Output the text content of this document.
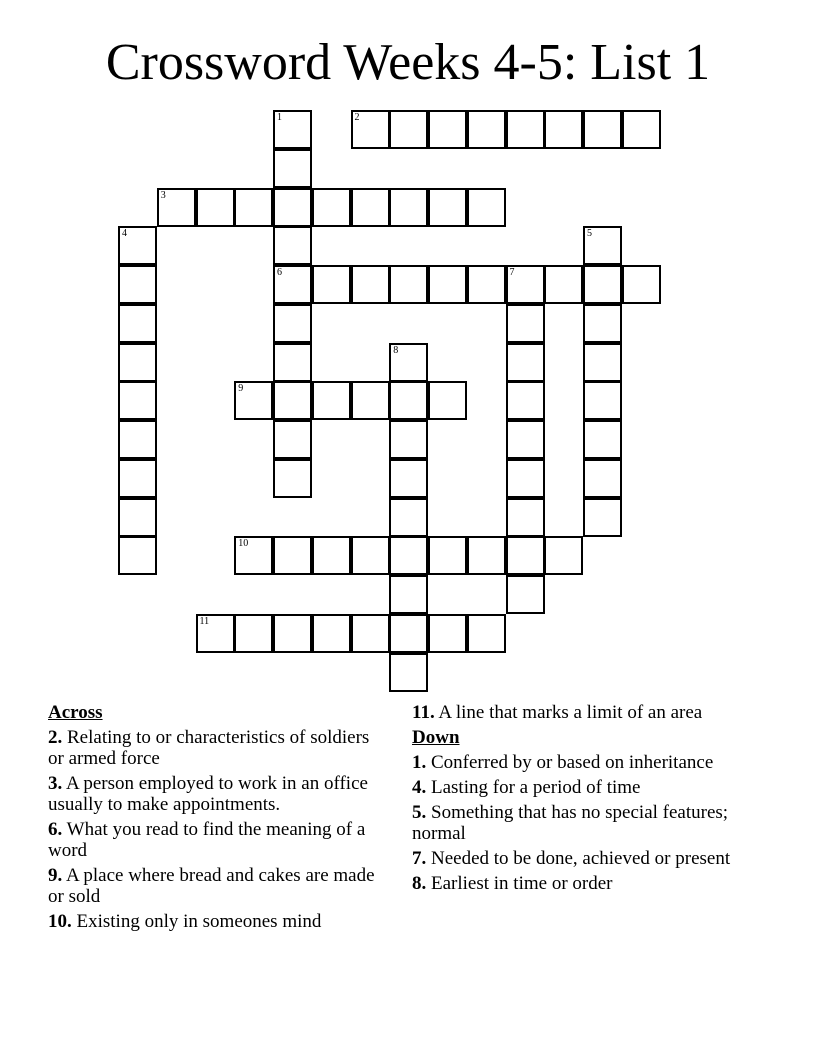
Crossword Weeks 4-5: List 1
1	2
3
4	5
6	7
8
9
10
11
Across
2. Relating to or characteristics of soldiers or armed force
3. A person employed to work in an office usually to make appointments.
6. What you read to find the meaning of a word
9. A place where bread and cakes are made or sold
10. Existing only in someones mind
11. A line that marks a limit of an area
Down
1. Conferred by or based on inheritance
4. Lasting for a period of time
5. Something that has no special features; normal
7. Needed to be done, achieved or present
8. Earliest in time or order
